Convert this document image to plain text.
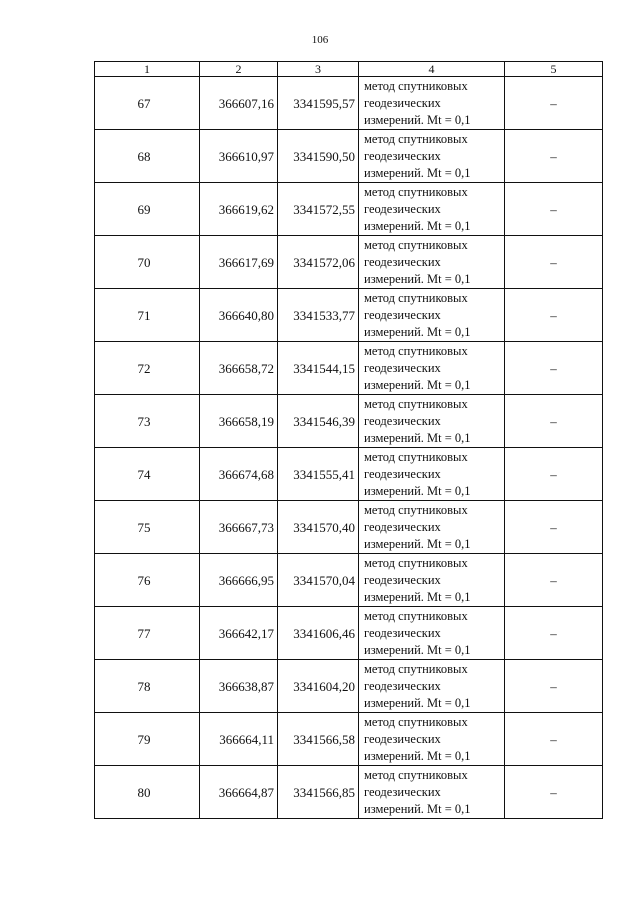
106
1	2	3	4	5
67	366607,16	3341595,57	метод спутниковых
геодезических
измерений. Mt = 0,1	–
68	366610,97	3341590,50	метод спутниковых
геодезических
измерений. Mt = 0,1	–
69	366619,62	3341572,55	метод спутниковых
геодезических
измерений. Mt = 0,1	–
70	366617,69	3341572,06	метод спутниковых
геодезических
измерений. Mt = 0,1	–
71	366640,80	3341533,77	метод спутниковых
геодезических
измерений. Mt = 0,1	–
72	366658,72	3341544,15	метод спутниковых
геодезических
измерений. Mt = 0,1	–
73	366658,19	3341546,39	метод спутниковых
геодезических
измерений. Mt = 0,1	–
74	366674,68	3341555,41	метод спутниковых
геодезических
измерений. Mt = 0,1	–
75	366667,73	3341570,40	метод спутниковых
геодезических
измерений. Mt = 0,1	–
76	366666,95	3341570,04	метод спутниковых
геодезических
измерений. Mt = 0,1	–
77	366642,17	3341606,46	метод спутниковых
геодезических
измерений. Mt = 0,1	–
78	366638,87	3341604,20	метод спутниковых
геодезических
измерений. Mt = 0,1	–
79	366664,11	3341566,58	метод спутниковых
геодезических
измерений. Mt = 0,1	–
80	366664,87	3341566,85	метод спутниковых
геодезических
измерений. Mt = 0,1	–
